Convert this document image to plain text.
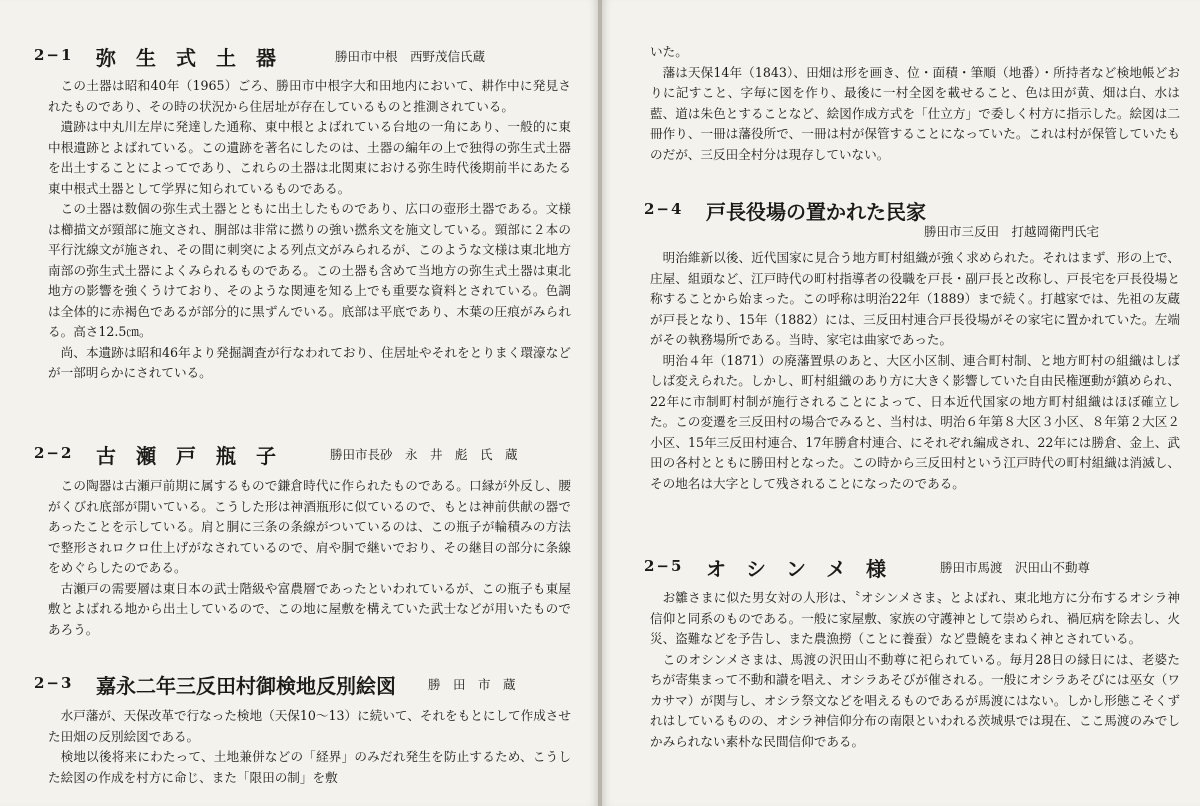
2−1 弥　生　式　土　器	勝田市中根　西野茂信氏蔵

この土器は昭和40年（1965）ごろ、勝田市中根字大和田地内において、耕作中に発見されたものであり、その時の状況から住居址が存在しているものと推測されている。

遺跡は中丸川左岸に発達した通称、東中根とよばれている台地の一角にあり、一般的に東中根遺跡とよばれている。この遺跡を著名にしたのは、土器の編年の上で独得の弥生式土器を出土することによってであり、これらの土器は北関東における弥生時代後期前半にあたる東中根式土器として学界に知られているものである。

この土器は数個の弥生式土器とともに出土したものであり、広口の壺形土器である。文様は櫛描文が頸部に施文され、胴部は非常に撚りの強い撚糸文を施文している。頸部に２本の平行沈線文が施され、その間に刺突による列点文がみられるが、このような文様は東北地方南部の弥生式土器によくみられるものである。この土器も含めて当地方の弥生式土器は東北地方の影響を強くうけており、そのような関連を知る上でも重要な資料とされている。色調は全体的に赤褐色であるが部分的に黒ずんでいる。底部は平底であり、木葉の圧痕がみられる。高さ12.5㎝。

尚、本遺跡は昭和46年より発掘調査が行なわれており、住居址やそれをとりまく環濠などが一部明らかにされている。

2−2 古　瀬　戸　瓶　子	勝田市長砂　永　井　彪　氏　蔵

この陶器は古瀬戸前期に属するもので鎌倉時代に作られたものである。口縁が外反し、腰がくびれ底部が開いている。こうした形は神酒瓶形に似ているので、もとは神前供献の器であったことを示している。肩と胴に三条の条線がついているのは、この瓶子が輪積みの方法で整形されロクロ仕上げがなされているので、肩や胴で継いでおり、その継目の部分に条線をめぐらしたのである。

古瀬戸の需要層は東日本の武士階級や富農層であったといわれているが、この瓶子も東屋敷とよばれる地から出土しているので、この地に屋敷を構えていた武士などが用いたものであろう。

2−3 嘉永二年三反田村御検地反別絵図	勝　田　市　蔵

水戸藩が、天保改革で行なった検地（天保10〜13）に続いて、それをもとにして作成させた田畑の反別絵図である。

検地以後将来にわたって、土地兼併などの「経界」のみだれ発生を防止するため、こうした絵図の作成を村方に命じ、また「限田の制」を敷

いた。

藩は天保14年（1843）、田畑は形を画き、位・面積・筆順（地番）・所持者など検地帳どおりに記すこと、字毎に図を作り、最後に一村全図を載せること、色は田が黄、畑は白、水は藍、道は朱色とすることなど、絵図作成方式を「仕立方」で委しく村方に指示した。絵図は二冊作り、一冊は藩役所で、一冊は村が保管することになっていた。これは村が保管していたものだが、三反田全村分は現存していない。

2−4 戸長役場の置かれた民家
勝田市三反田　打越岡衛門氏宅

明治維新以後、近代国家に見合う地方町村組織が強く求められた。それはまず、形の上で、庄屋、組頭など、江戸時代の町村指導者の役職を戸長・副戸長と改称し、戸長宅を戸長役場と称することから始まった。この呼称は明治22年（1889）まで続く。打越家では、先祖の友蔵が戸長となり、15年（1882）には、三反田村連合戸長役場がその家宅に置かれていた。左端がその執務場所である。当時、家宅は曲家であった。

明治４年（1871）の廃藩置県のあと、大区小区制、連合町村制、と地方町村の組織はしばしば変えられた。しかし、町村組織のあり方に大きく影響していた自由民権運動が鎮められ、22年に市制町村制が施行されることによって、日本近代国家の地方町村組織はほぼ確立した。この変遷を三反田村の場合でみると、当村は、明治６年第８大区３小区、８年第２大区２小区、15年三反田村連合、17年勝倉村連合、にそれぞれ編成され、22年には勝倉、金上、武田の各村とともに勝田村となった。この時から三反田村という江戸時代の町村組織は消滅し、その地名は大字として残されることになったのである。

2−5 オ　シ　ン　メ　様	勝田市馬渡　沢田山不動尊

お雛さまに似た男女対の人形は、〝オシンメさま〟とよばれ、東北地方に分布するオシラ神信仰と同系のものである。一般に家屋敷、家族の守護神として崇められ、禍厄病を除去し、火災、盗難などを予告し、また農漁撈（ことに養蚕）など豊饒をまねく神とされている。

このオシンメさまは、馬渡の沢田山不動尊に祀られている。毎月28日の縁日には、老婆たちが寄集まって不動和讃を唱え、オシラあそびが催される。一般にオシラあそびには巫女（ワカサマ）が関与し、オシラ祭文などを唱えるものであるが馬渡にはない。しかし形態こそくずれはしているものの、オシラ神信仰分布の南限といわれる茨城県では現在、ここ馬渡のみでしかみられない素朴な民間信仰である。
